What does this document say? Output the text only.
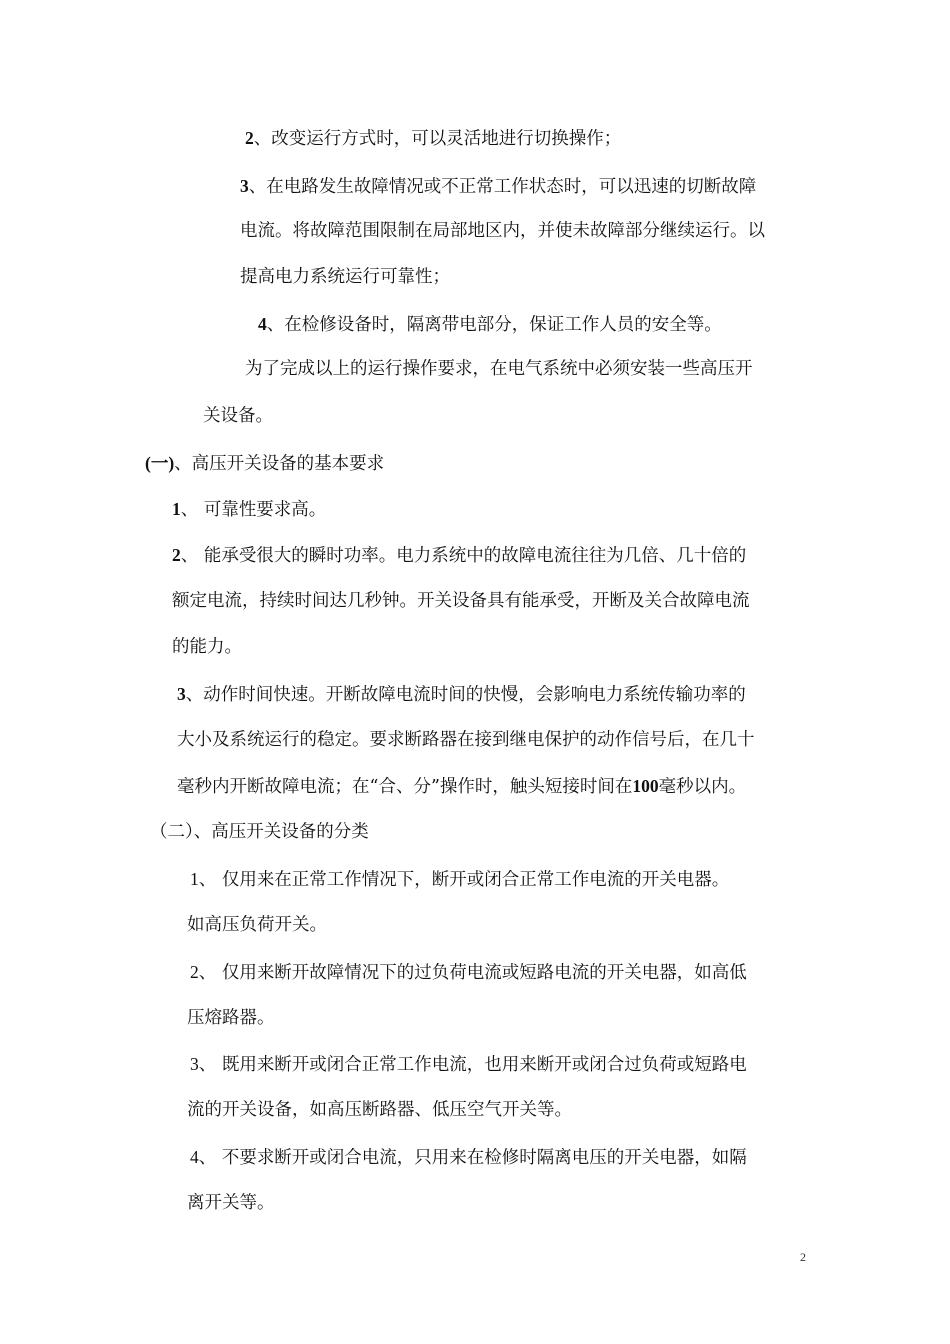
2、改变运行方式时，可以灵活地进行切换操作；
3、在电路发生故障情况或不正常工作状态时，可以迅速的切断故障
电流。将故障范围限制在局部地区内，并使未故障部分继续运行。以
提高电力系统运行可靠性；
4、在检修设备时，隔离带电部分，保证工作人员的安全等。
为了完成以上的运行操作要求，在电气系统中必须安装一些高压开
关设备。
(一)、高压开关设备的基本要求
1、 可靠性要求高。
2、 能承受很大的瞬时功率。电力系统中的故障电流往往为几倍、几十倍的
额定电流，持续时间达几秒钟。开关设备具有能承受，开断及关合故障电流
的能力。
3、动作时间快速。开断故障电流时间的快慢，会影响电力系统传输功率的
大小及系统运行的稳定。要求断路器在接到继电保护的动作信号后，在几十
毫秒内开断故障电流；在“合、分”操作时，触头短接时间在100毫秒以内。
（二）、高压开关设备的分类
1、 仅用来在正常工作情况下，断开或闭合正常工作电流的开关电器。
如高压负荷开关。
2、 仅用来断开故障情况下的过负荷电流或短路电流的开关电器，如高低
压熔路器。
3、 既用来断开或闭合正常工作电流，也用来断开或闭合过负荷或短路电
流的开关设备，如高压断路器、低压空气开关等。
4、 不要求断开或闭合电流，只用来在检修时隔离电压的开关电器，如隔
离开关等。
2
